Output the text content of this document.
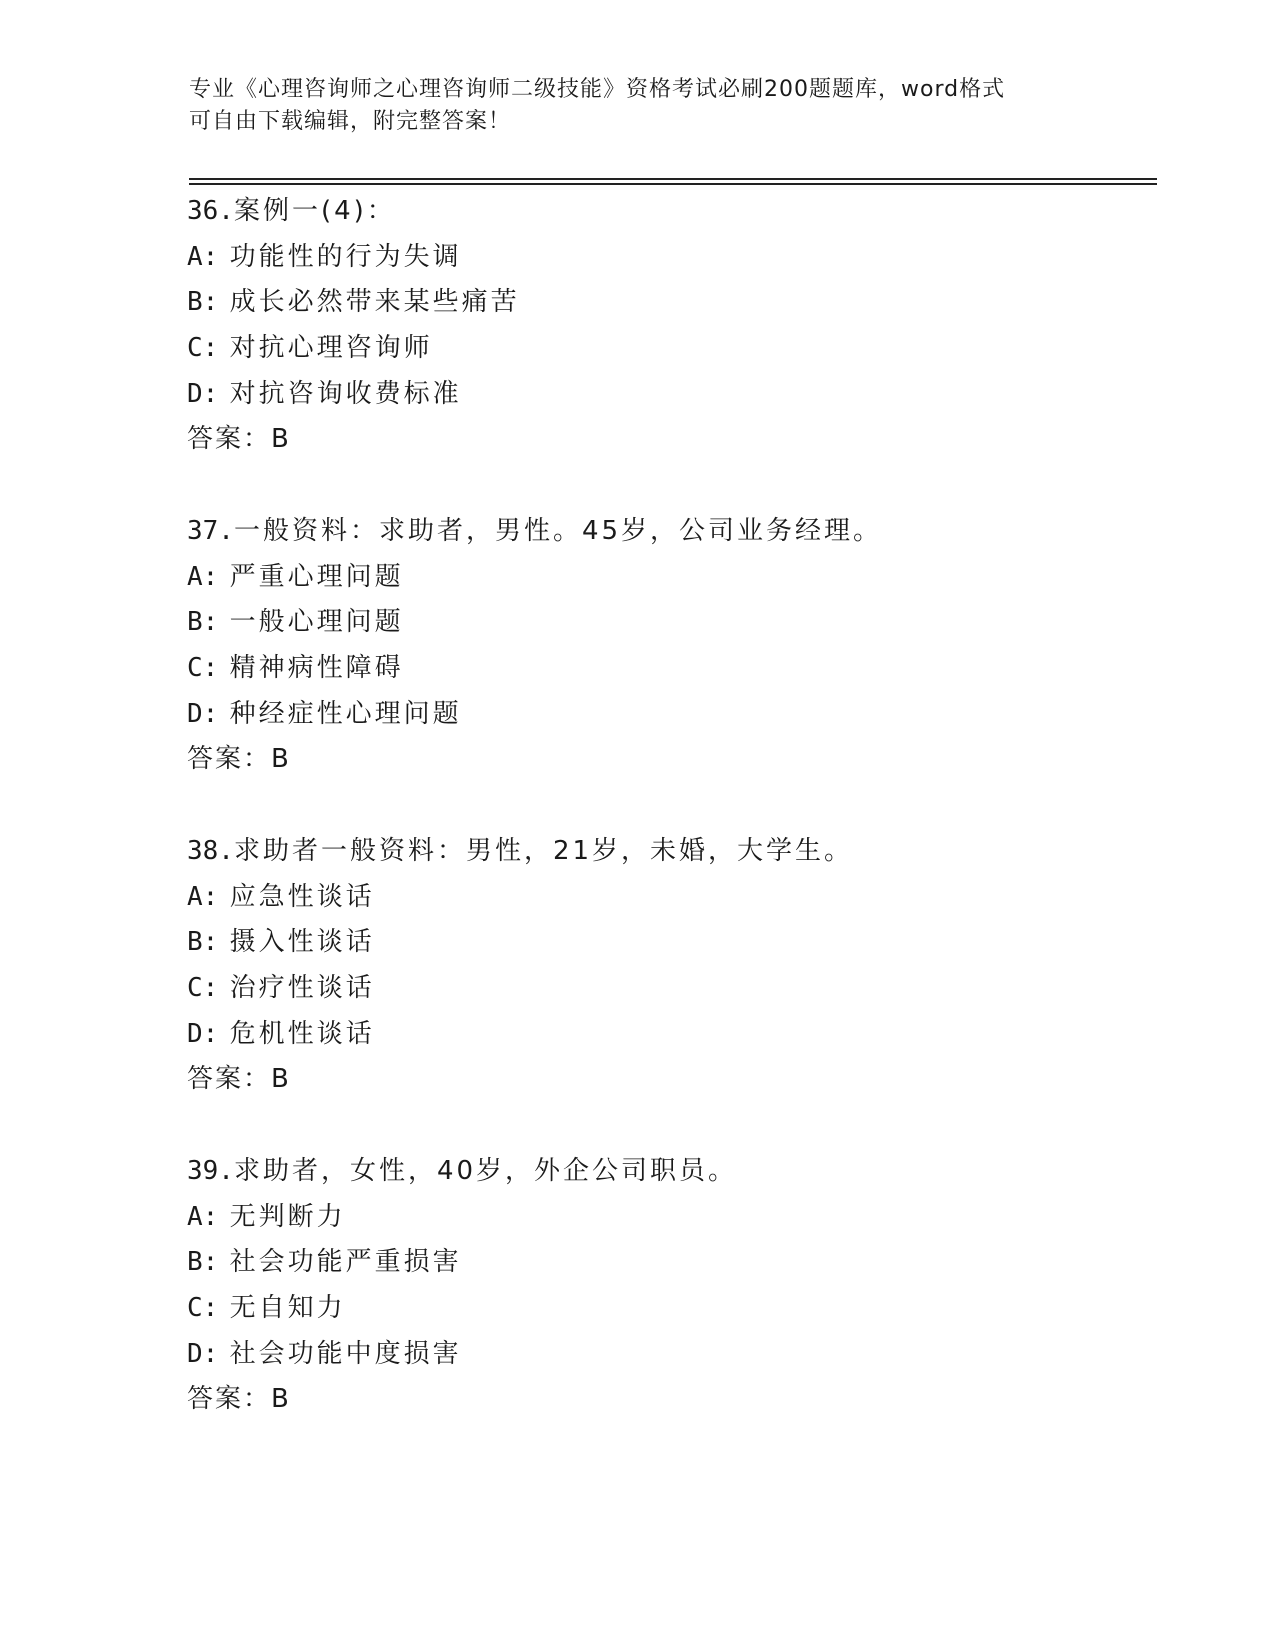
专业《心理咨询师之心理咨询师二级技能》资格考试必刷200题题库，word格式
可自由下载编辑，附完整答案！
36.案例一(4)：
A: 功能性的行为失调
B: 成长必然带来某些痛苦
C: 对抗心理咨询师
D: 对抗咨询收费标准
答案：B
37.一般资料：求助者，男性。45岁，公司业务经理。
A: 严重心理问题
B: 一般心理问题
C: 精神病性障碍
D: 种经症性心理问题
答案：B
38.求助者一般资料：男性，21岁，未婚，大学生。
A: 应急性谈话
B: 摄入性谈话
C: 治疗性谈话
D: 危机性谈话
答案：B
39.求助者，女性，40岁，外企公司职员。
A: 无判断力
B: 社会功能严重损害
C: 无自知力
D: 社会功能中度损害
答案：B
